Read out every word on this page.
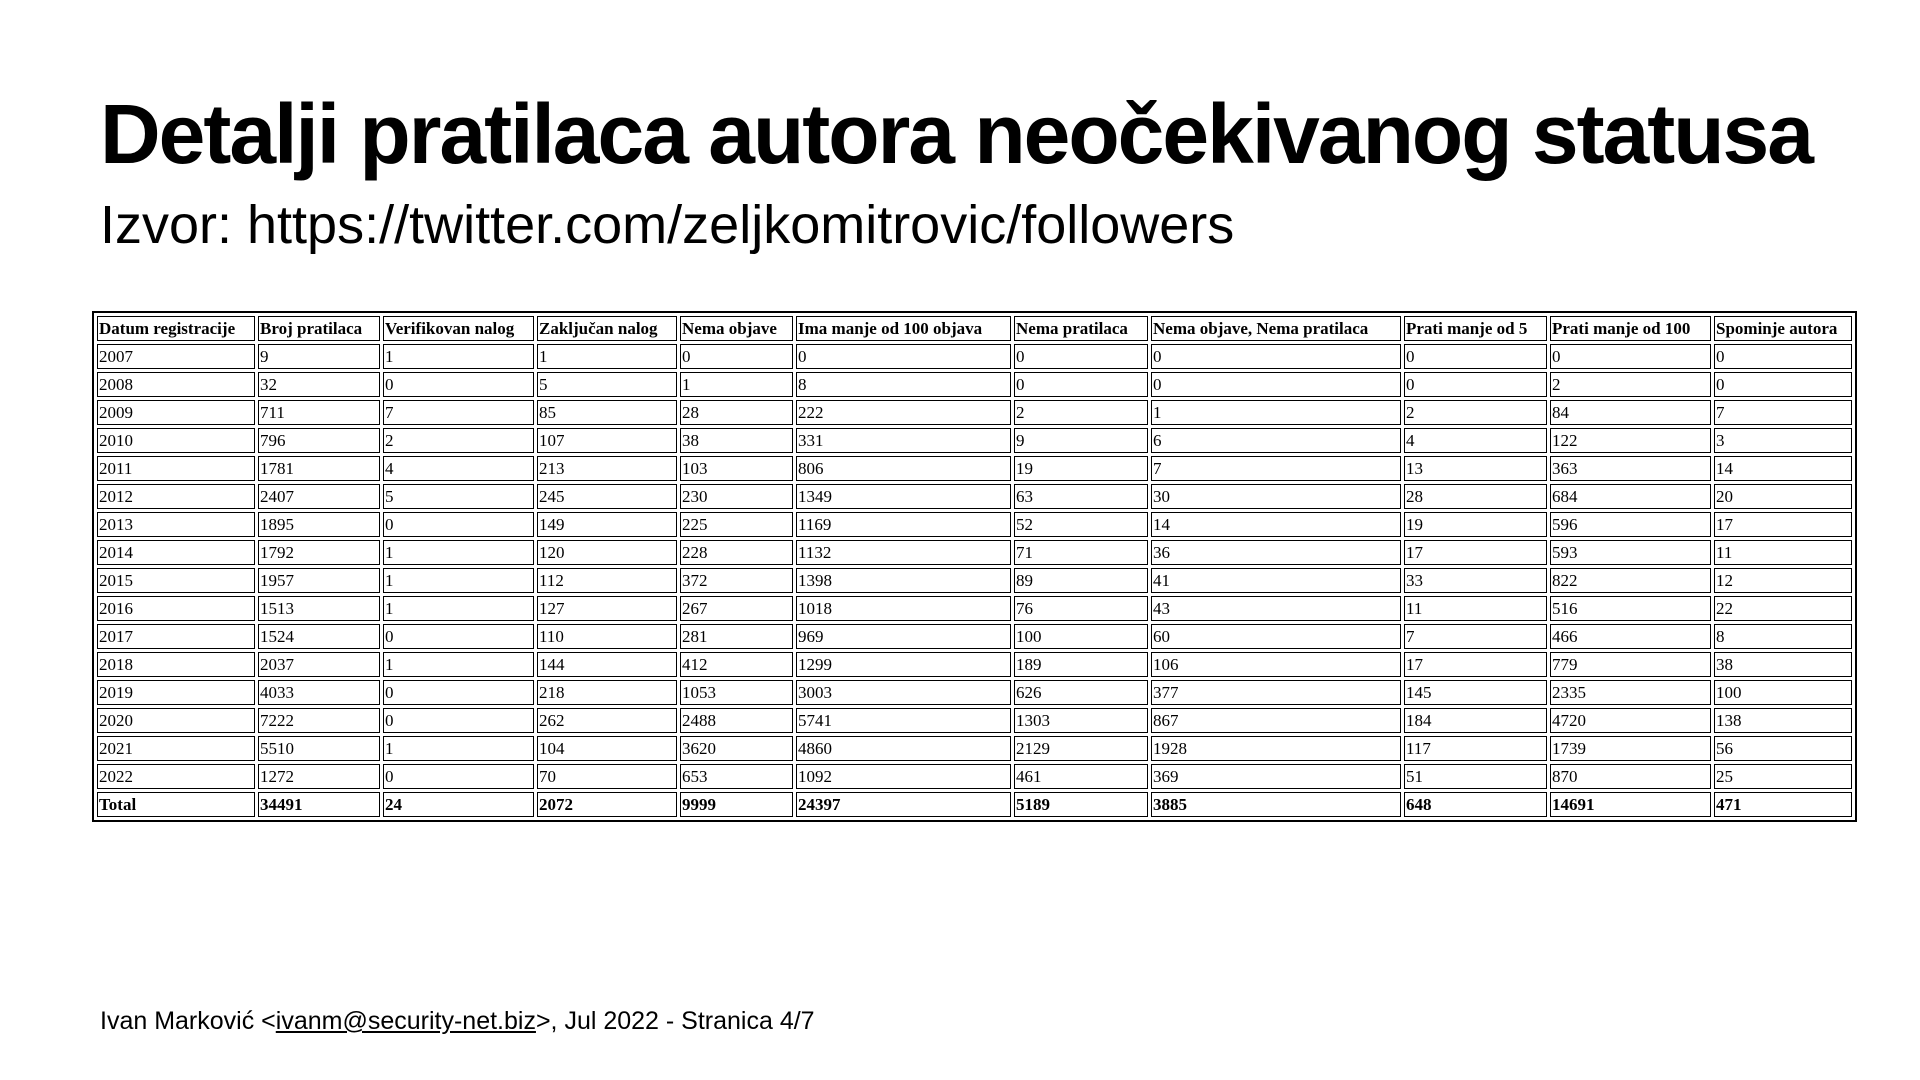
Detalji pratilaca autora neočekivanog statusa
Izvor: https://twitter.com/zeljkomitrovic/followers
Datum registracije	Broj pratilaca	Verifikovan nalog	Zaključan nalog	Nema objave	Ima manje od 100 objava	Nema pratilaca	Nema objave, Nema pratilaca	Prati manje od 5	Prati manje od 100	Spominje autora
2007	9	1	1	0	0	0	0	0	0	0
2008	32	0	5	1	8	0	0	0	2	0
2009	711	7	85	28	222	2	1	2	84	7
2010	796	2	107	38	331	9	6	4	122	3
2011	1781	4	213	103	806	19	7	13	363	14
2012	2407	5	245	230	1349	63	30	28	684	20
2013	1895	0	149	225	1169	52	14	19	596	17
2014	1792	1	120	228	1132	71	36	17	593	11
2015	1957	1	112	372	1398	89	41	33	822	12
2016	1513	1	127	267	1018	76	43	11	516	22
2017	1524	0	110	281	969	100	60	7	466	8
2018	2037	1	144	412	1299	189	106	17	779	38
2019	4033	0	218	1053	3003	626	377	145	2335	100
2020	7222	0	262	2488	5741	1303	867	184	4720	138
2021	5510	1	104	3620	4860	2129	1928	117	1739	56
2022	1272	0	70	653	1092	461	369	51	870	25
Total	34491	24	2072	9999	24397	5189	3885	648	14691	471
Ivan Marković <ivanm@security-net.biz>, Jul 2022 - Stranica 4/7
